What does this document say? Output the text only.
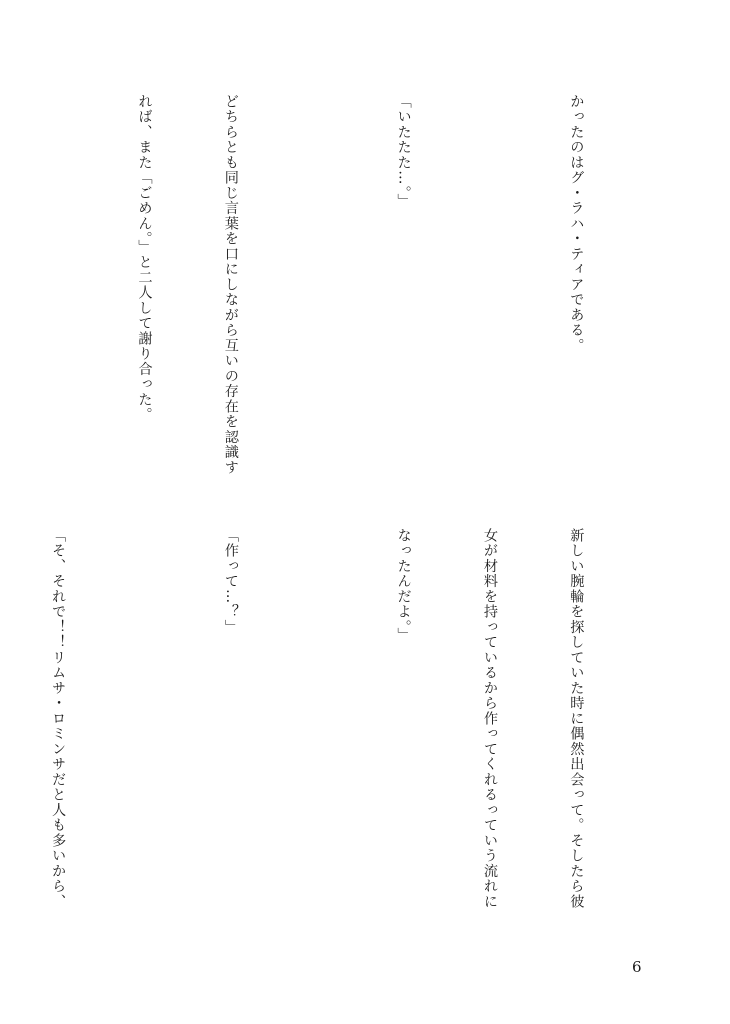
かったのはグ・ラハ・ティアである。

「いたたた…。」

どちらとも同じ言葉を口にしながら互いの存在を認識す

れば、また「ごめん。」と二人して謝り合った。

新しい腕輪を探していた時に偶然出会って。そしたら彼

女が材料を持っているから作ってくれるっていう流れに

なったんだよ。」

「作って…？」

「そ、それで！！リムサ・ロミンサだと人も多いから、

6
